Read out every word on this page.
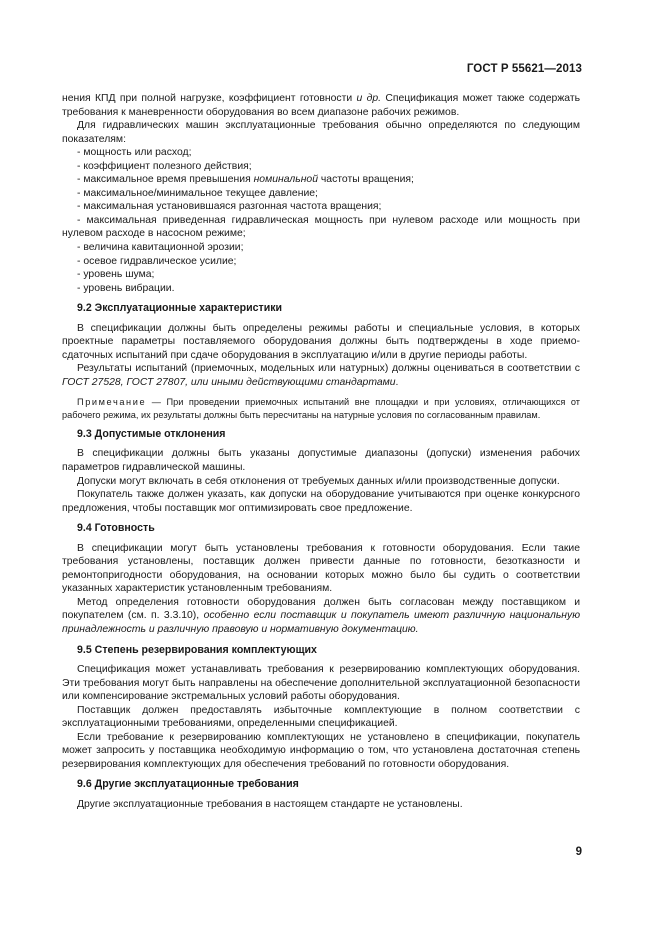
ГОСТ Р 55621—2013

нения КПД при полной нагрузке, коэффициент готовности и др. Спецификация может также содержать требования к маневренности оборудования во всем диапазоне рабочих режимов.

Для гидравлических машин эксплуатационные требования обычно определяются по следующим показателям:

- мощность или расход;

- коэффициент полезного действия;

- максимальное время превышения номинальной частоты вращения;

- максимальное/минимальное текущее давление;

- максимальная установившаяся разгонная частота вращения;

- максимальная приведенная гидравлическая мощность при нулевом расходе или мощность при нулевом расходе в насосном режиме;

- величина кавитационной эрозии;

- осевое гидравлическое усилие;

- уровень шума;

- уровень вибрации.

9.2 Эксплуатационные характеристики

В спецификации должны быть определены режимы работы и специальные условия, в которых проектные параметры поставляемого оборудования должны быть подтверждены в ходе приемо-сдаточных испытаний при сдаче оборудования в эксплуатацию и/или в другие периоды работы.

Результаты испытаний (приемочных, модельных или натурных) должны оцениваться в соответствии с ГОСТ 27528, ГОСТ 27807, или иными действующими стандартами.

Примечание — При проведении приемочных испытаний вне площадки и при условиях, отличающихся от рабочего режима, их результаты должны быть пересчитаны на натурные условия по согласованным правилам.

9.3 Допустимые отклонения

В спецификации должны быть указаны допустимые диапазоны (допуски) изменения рабочих параметров гидравлической машины.

Допуски могут включать в себя отклонения от требуемых данных и/или производственные допуски.

Покупатель также должен указать, как допуски на оборудование учитываются при оценке конкурсного предложения, чтобы поставщик мог оптимизировать свое предложение.

9.4 Готовность

В спецификации могут быть установлены требования к готовности оборудования. Если такие требования установлены, поставщик должен привести данные по готовности, безотказности и ремонтопригодности оборудования, на основании которых можно было бы судить о соответствии указанных характеристик установленным требованиям.

Метод определения готовности оборудования должен быть согласован между поставщиком и покупателем (см. п. 3.3.10), особенно если поставщик и покупатель имеют различную национальную принадлежность и различную правовую и нормативную документацию.

9.5 Степень резервирования комплектующих

Спецификация может устанавливать требования к резервированию комплектующих оборудования. Эти требования могут быть направлены на обеспечение дополнительной эксплуатационной безопасности или компенсирование экстремальных условий работы оборудования.

Поставщик должен предоставлять избыточные комплектующие в полном соответствии с эксплуатационными требованиями, определенными спецификацией.

Если требование к резервированию комплектующих не установлено в спецификации, покупатель может запросить у поставщика необходимую информацию о том, что установлена достаточная степень резервирования комплектующих для обеспечения требований по готовности оборудования.

9.6 Другие эксплуатационные требования

Другие эксплуатационные требования в настоящем стандарте не установлены.

9
